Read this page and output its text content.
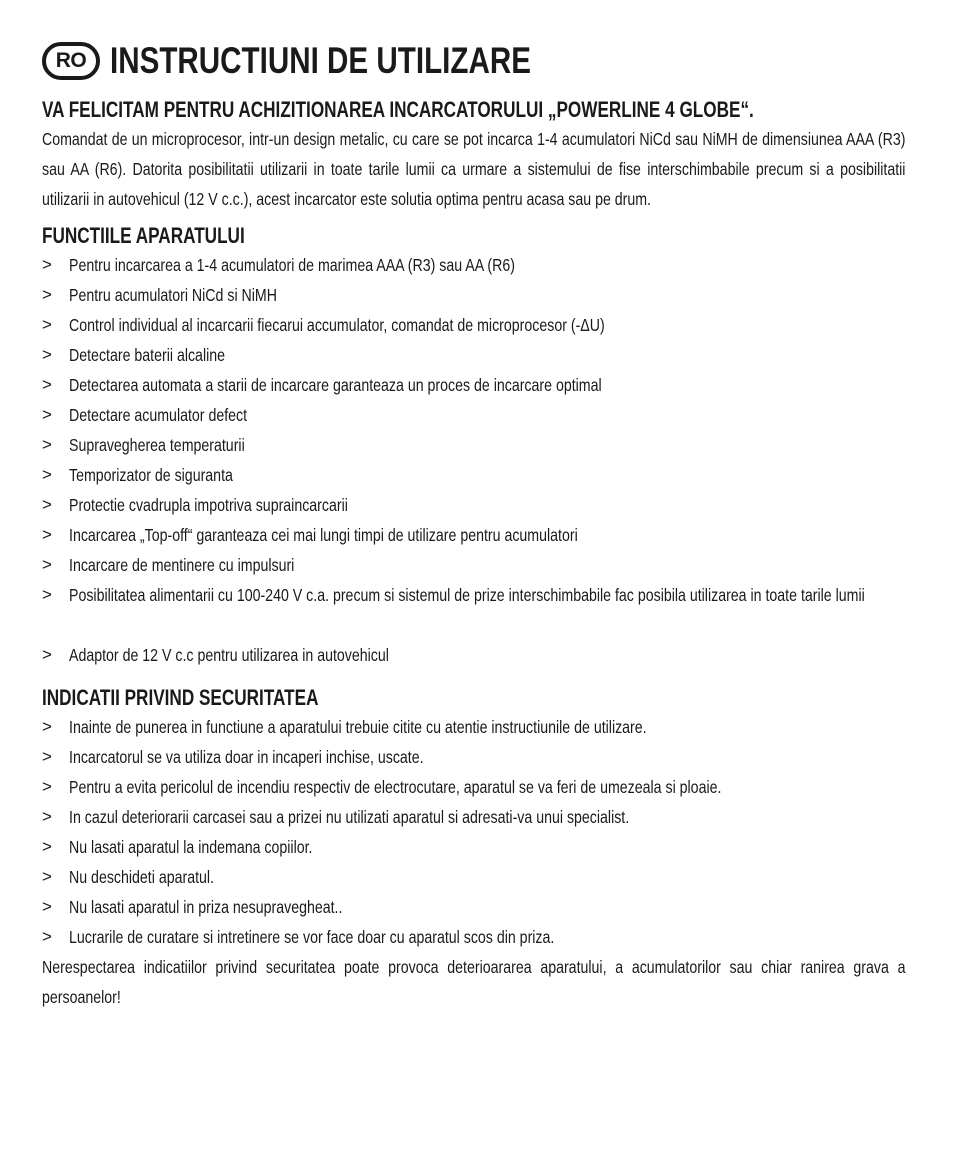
RO INSTRUCTIUNI DE UTILIZARE
VA FELICITAM PENTRU ACHIZITIONAREA INCARCATORULUI „POWERLINE 4 GLOBE“.
Comandat de un microprocesor, intr-un design metalic, cu care se pot incarca 1-4 acumulatori NiCd sau NiMH de dimensiunea AAA (R3) sau AA (R6). Datorita posibilitatii utilizarii in toate tarile lumii ca urmare a sistemului de fise interschimbabile precum si a posibilitatii utilizarii in autovehicul (12 V c.c.), acest incarcator este solutia optima pentru acasa sau pe drum.
FUNCTIILE APARATULUI
> Pentru incarcarea a 1-4 acumulatori de marimea AAA (R3) sau AA (R6)
> Pentru acumulatori NiCd si NiMH
> Control individual al incarcarii fiecarui accumulator, comandat de microprocesor (-ΔU)
> Detectare baterii alcaline
> Detectarea automata a starii de incarcare garanteaza un proces de incarcare optimal
> Detectare acumulator defect
> Supravegherea temperaturii
> Temporizator de siguranta
> Protectie cvadrupla impotriva supraincarcarii
> Incarcarea „Top-off“ garanteaza cei mai lungi timpi de utilizare pentru acumulatori
> Incarcare de mentinere cu impulsuri
> Posibilitatea alimentarii cu 100-240 V c.a. precum si sistemul de prize interschimbabile fac posibila utilizarea in toate tarile lumii
> Adaptor de 12 V c.c pentru utilizarea in autovehicul
INDICATII PRIVIND SECURITATEA
> Inainte de punerea in functiune a aparatului trebuie citite cu atentie instructiunile de utilizare.
> Incarcatorul se va utiliza doar in incaperi inchise, uscate.
> Pentru a evita pericolul de incendiu respectiv de electrocutare, aparatul se va feri de umezeala si ploaie.
> In cazul deteriorarii carcasei sau a prizei nu utilizati aparatul si adresati-va unui specialist.
> Nu lasati aparatul la indemana copiilor.
> Nu deschideti aparatul.
> Nu lasati aparatul in priza nesupravegheat..
> Lucrarile de curatare si intretinere se vor face doar cu aparatul scos din priza.
Nerespectarea indicatiilor privind securitatea poate provoca deterioararea aparatului, a acumulatorilor sau chiar ranirea grava a persoanelor!
